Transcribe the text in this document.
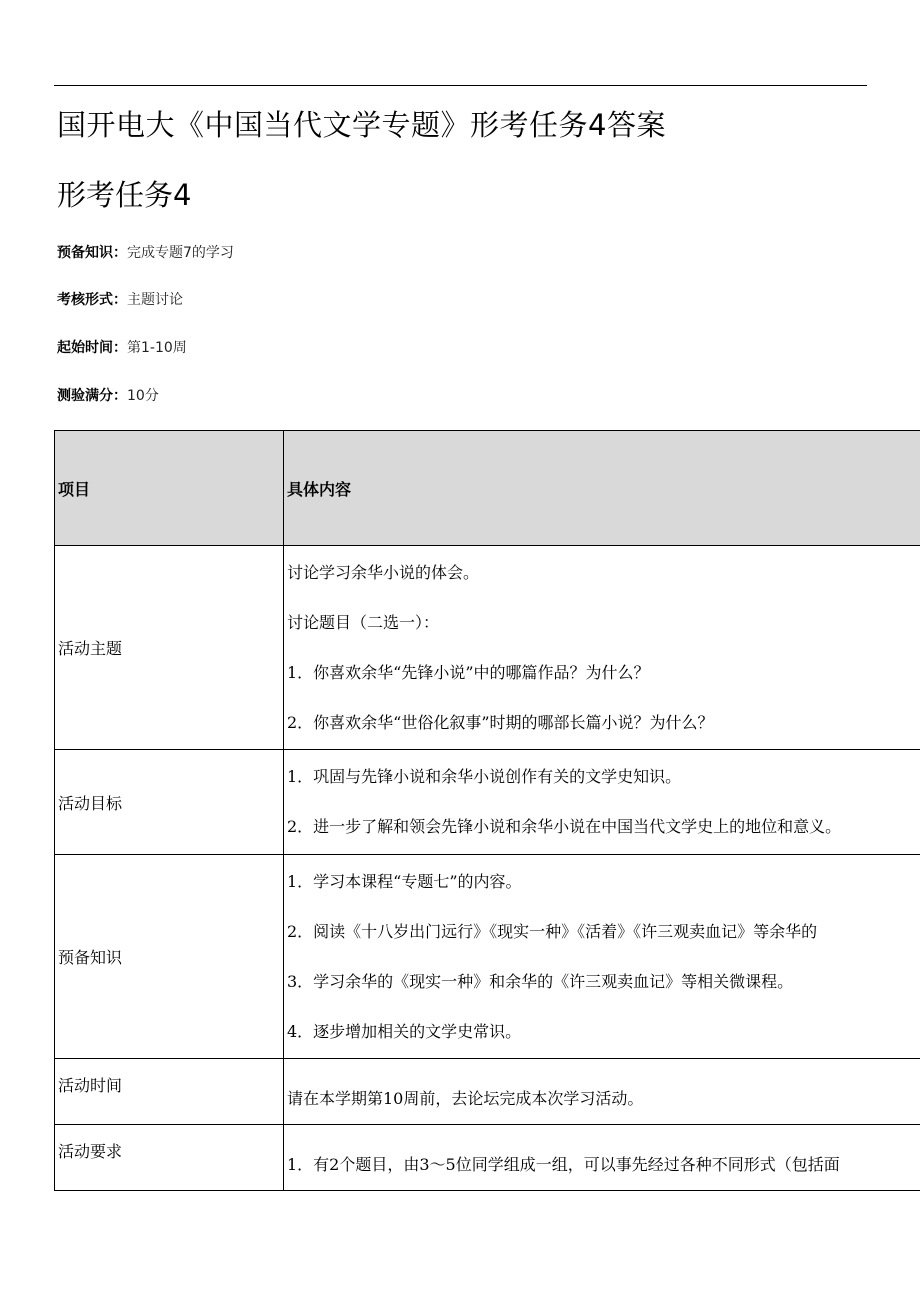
国开电大《中国当代文学专题》形考任务4答案
形考任务4
预备知识：完成专题7的学习
考核形式：主题讨论
起始时间：第1-10周
测验满分：10分
项目	具体内容
活动主题	讨论学习余华小说的体会。

讨论题目（二选一）：

1．你喜欢余华“先锋小说”中的哪篇作品？为什么？

2．你喜欢余华“世俗化叙事”时期的哪部长篇小说？为什么？

活动目标	1．巩固与先锋小说和余华小说创作有关的文学史知识。

2．进一步了解和领会先锋小说和余华小说在中国当代文学史上的地位和意义。

预备知识	1．学习本课程“专题七”的内容。

2．阅读《十八岁出门远行》《现实一种》《活着》《许三观卖血记》等余华的

3．学习余华的《现实一种》和余华的《许三观卖血记》等相关微课程。

4．逐步增加相关的文学史常识。

活动时间	请在本学期第10周前，去论坛完成本次学习活动。

活动要求	1．有2个题目，由3～5位同学组成一组，可以事先经过各种不同形式（包括面
